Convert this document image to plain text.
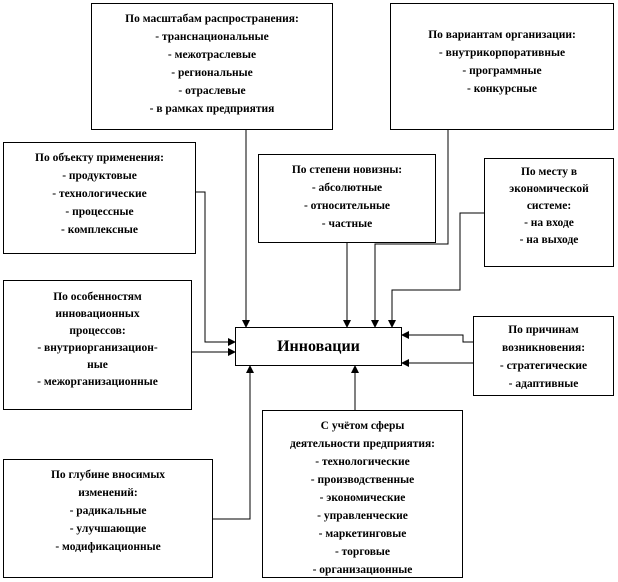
По масштабам распространения:
- транснациональные
- межотраслевые
- региональные
- отраслевые
- в рамках предприятия
По вариантам организации:
- внутрикорпоративные
- программные
- конкурсные
По объекту применения:
- продуктовые
- технологические
- процессные
- комплексные
По степени новизны:
- абсолютные
- относительные
- частные
По месту в
экономической
системе:
- на входе
- на выходе
По особенностям
инновационных
процессов:
- внутриорганизацион-
ные
- межорганизационные
Инновации
По причинам
возникновения:
- стратегические
- адаптивные
С учётом сферы
деятельности предприятия:
- технологические
- производственные
- экономические
- управленческие
- маркетинговые
- торговые
- организационные
По глубине вносимых
изменений:
- радикальные
- улучшающие
- модификационные
